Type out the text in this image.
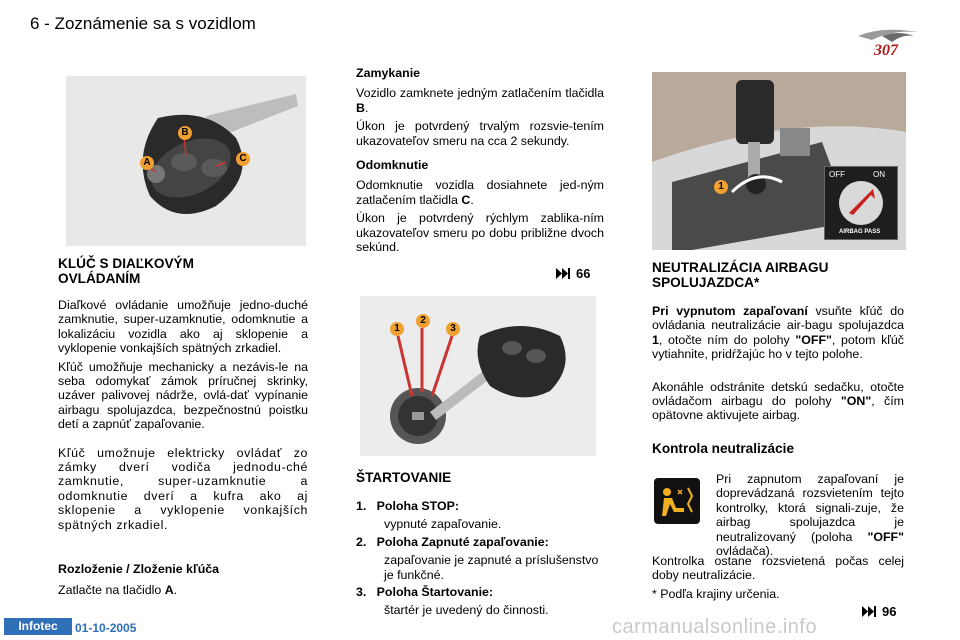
6 - Zoznámenie sa s vozidlom
307
B
A	C

KLÚČ S DIAĽKOVÝM OVLÁDANÍM

Diaľkové ovládanie umožňuje jedno-duché zamknutie, super-uzamknutie, odomknutie a lokalizáciu vozidla ako aj sklopenie a vyklopenie vonkajších spätných zrkadiel.

Kľúč umožňuje mechanicky a nezávis-le na seba odomykať zámok príručnej skrinky, uzáver palivovej nádrže, ovlá-dať vypínanie airbagu spolujazdca, bezpečnostnú poistku detí a zapnúť zapaľovanie.

Kľúč umožnuje elektricky ovládať zo zámky dverí vodiča jednodu-ché zamknutie, super-uzamknutie a odomknutie dverí a kufra ako aj sklopenie a vyklopenie vonkajších spätných zrkadiel.

Rozloženie / Zloženie kľúča

Zatlačte na tlačidlo A.

Zamykanie

Vozidlo zamknete jedným zatlačením tlačidla B.

Úkon je potvrdený trvalým rozsvie-tením ukazovateľov smeru na cca 2 sekundy.

Odomknutie

Odomknutie vozidla dosiahnete jed-ným zatlačením tlačidla C.

Úkon je potvrdený rýchlym zablika-ním ukazovateľov smeru po dobu približne dvoch sekúnd.

66
1
2
3

ŠTARTOVANIE

1. Poloha STOP:
vypnuté zapaľovanie.
2. Poloha Zapnuté zapaľovanie:
zapaľovanie je zapnuté a príslušenstvo je funkčné.
3. Poloha Štartovanie:
štartér je uvedený do činnosti.
OFF	ON
AIRBAG PASS
1

NEUTRALIZÁCIA AIRBAGU SPOLUJAZDCA*

Pri vypnutom zapaľovaní vsuňte kľúč do ovládania neutralizácie air-bagu spolujazdca 1, otočte ním do polohy "OFF", potom kľúč vytiahnite, pridŕžajúc ho v tejto polohe.

Akonáhle odstránite detskú sedačku, otočte ovládačom airbagu do polohy "ON", čím opätovne aktivujete airbag.

Kontrola neutralizácie

Pri zapnutom zapaľovaní je doprevádzaná rozsvietením tejto kontrolky, ktorá signali-zuje, že airbag spolujazdca je neutralizovaný (poloha "OFF" ovládača).

Kontrolka ostane rozsvietená počas celej doby neutralizácie.

* Podľa krajiny určenia.

96
Infotec	01-10-2005	carmanualsonline.info
